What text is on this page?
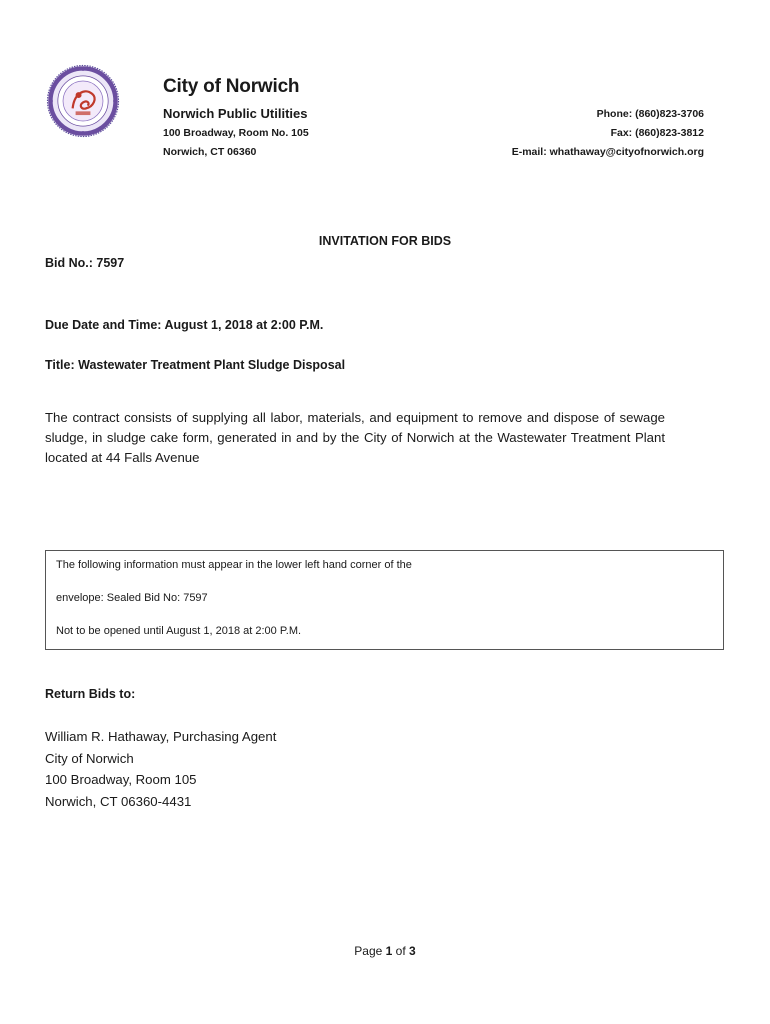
City of Norwich
Norwich Public Utilities
100 Broadway, Room No. 105
Norwich, CT 06360
Phone: (860)823-3706
Fax: (860)823-3812
E-mail: whathaway@cityofnorwich.org
INVITATION FOR BIDS
Bid No.: 7597
Due Date and Time: August 1, 2018 at 2:00 P.M.
Title: Wastewater Treatment Plant Sludge Disposal
The contract consists of supplying all labor, materials, and equipment to remove and dispose of sewage sludge, in sludge cake form, generated in and by the City of Norwich at the Wastewater Treatment Plant located at 44 Falls Avenue
The following information must appear in the lower left hand corner of the
envelope: Sealed Bid No: 7597
Not to be opened until August 1, 2018 at 2:00 P.M.
Return Bids to:
William R. Hathaway, Purchasing Agent
City of Norwich
100 Broadway, Room 105
Norwich, CT 06360-4431
Page 1 of 3
